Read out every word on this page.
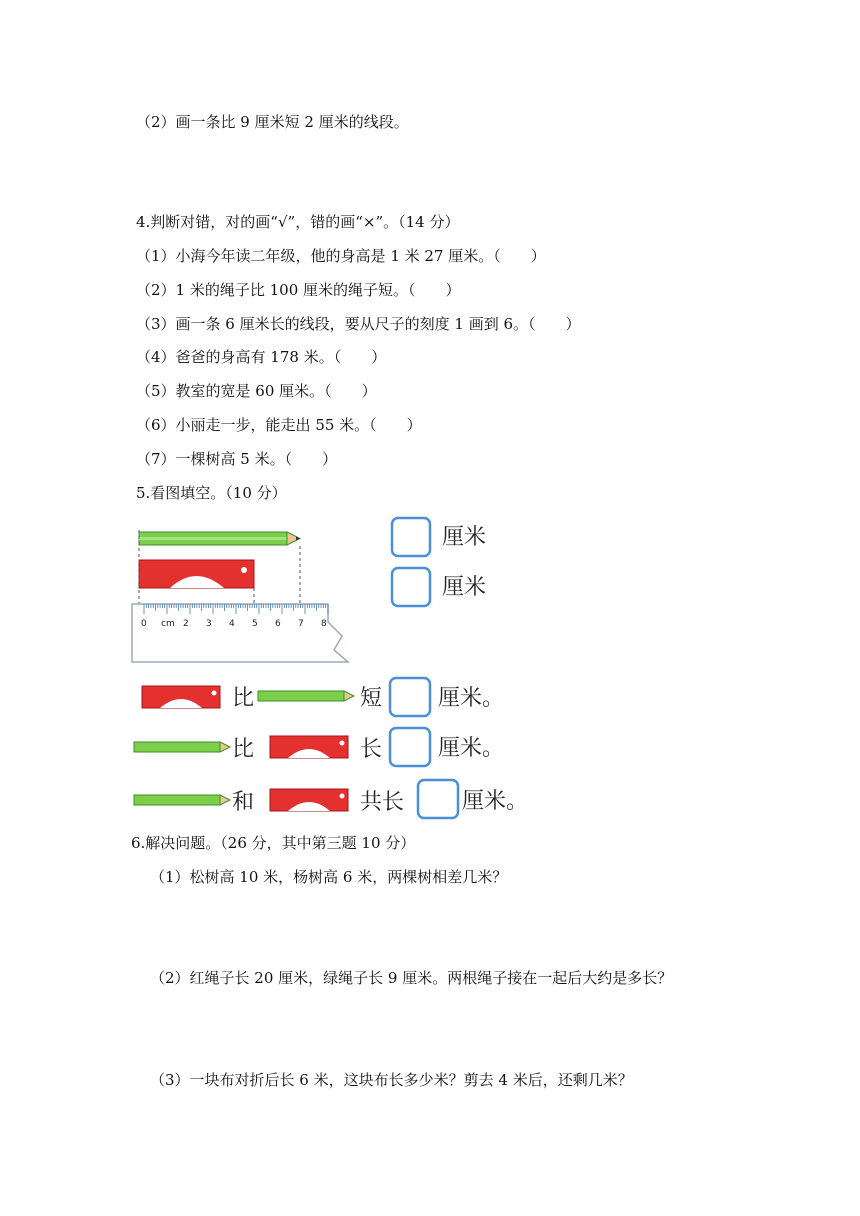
（2）画一条比 9 厘米短 2 厘米的线段。
4.判断对错，对的画“√”，错的画“×”。（14 分）
（1）小海今年读二年级，他的身高是 1 米 27 厘米。（　　）
（2）1 米的绳子比 100 厘米的绳子短。（　　）
（3）画一条 6 厘米长的线段，要从尺子的刻度 1 画到 6。（　　）
（4）爸爸的身高有 178 米。（　　）
（5）教室的宽是 60 厘米。（　　）
（6）小丽走一步，能走出 55 米。（　　）
（7）一棵树高 5 米。（　　）
5.看图填空。（10 分）
0 cm 2 3 4 5 6 7 8
厘米
厘米
比	短	厘米。
比	长	厘米。
和	共长	厘米。
6.解决问题。（26 分，其中第三题 10 分）
（1）松树高 10 米，杨树高 6 米，两棵树相差几米？
（2）红绳子长 20 厘米，绿绳子长 9 厘米。两根绳子接在一起后大约是多长？
（3）一块布对折后长 6 米，这块布长多少米？剪去 4 米后，还剩几米？
